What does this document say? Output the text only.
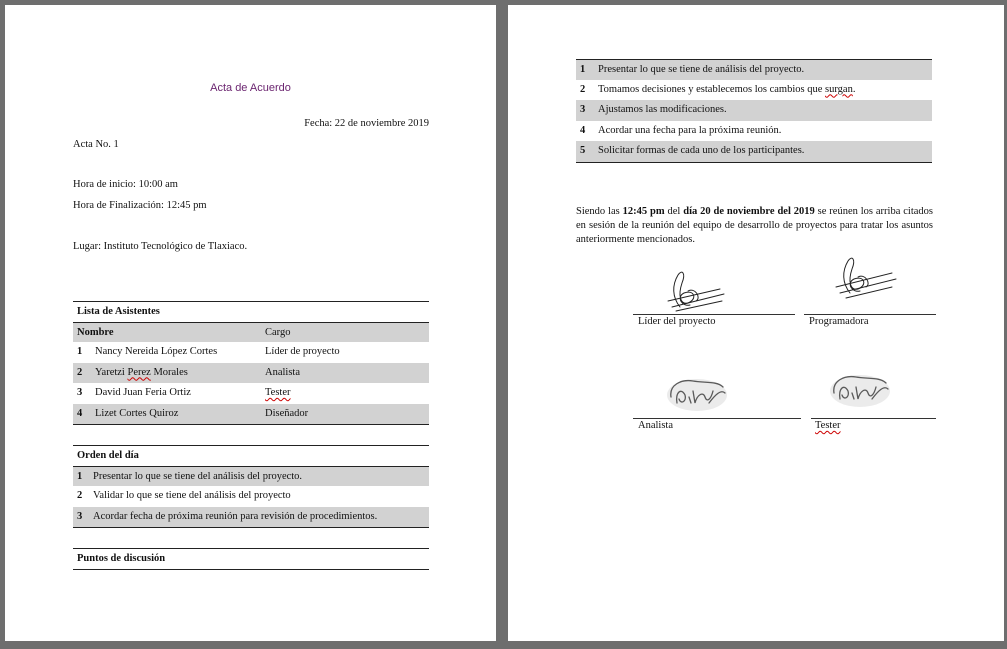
Acta de Acuerdo
Fecha: 22 de noviembre 2019
Acta No. 1
Hora de inicio: 10:00 am
Hora de Finalización: 12:45 pm
Lugar: Instituto Tecnológico de Tlaxiaco.
Lista de Asistentes
Nombre	Cargo
1 Nancy Nereida López Cortes	Líder de proyecto
2 Yaretzi Perez Morales	Analista
3 David Juan Feria Ortiz	Tester
4 Lizet Cortes Quiroz	Diseñador
Orden del día
1 Presentar lo que se tiene del análisis del proyecto.
2 Validar lo que se tiene del análisis del proyecto
3 Acordar fecha de próxima reunión para revisión de procedimientos.
Puntos de discusión
1 Presentar lo que se tiene de análisis del proyecto.
2 Tomamos decisiones y establecemos los cambios que surgan.
3 Ajustamos las modificaciones.
4 Acordar una fecha para la próxima reunión.
5 Solicitar formas de cada uno de los participantes.
Siendo las 12:45 pm del día 20 de noviembre del 2019 se reúnen los arriba citados en sesión de la reunión del equipo de desarrollo de proyectos para tratar los asuntos anteriormente mencionados.
Líder del proyecto	Programadora
Analista	Tester
